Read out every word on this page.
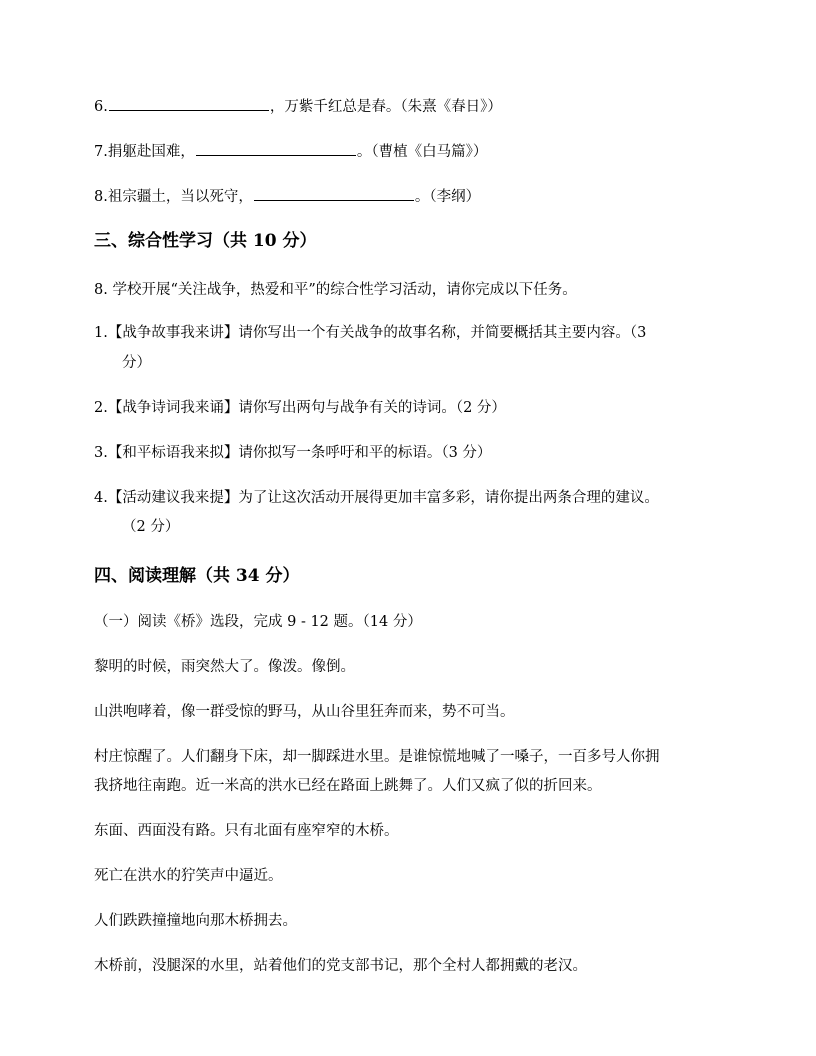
6.	，万紫千红总是春。（朱熹《春日》）

7.捐躯赴国难，	。（曹植《白马篇》）

8.祖宗疆土，当以死守，	。（李纲）

三、综合性学习（共 10 分）

8. 学校开展“关注战争，热爱和平”的综合性学习活动，请你完成以下任务。

1.【战争故事我来讲】请你写出一个有关战争的故事名称，并简要概括其主要内容。（3

分）

2.【战争诗词我来诵】请你写出两句与战争有关的诗词。（2 分）

3.【和平标语我来拟】请你拟写一条呼吁和平的标语。（3 分）

4.【活动建议我来提】为了让这次活动开展得更加丰富多彩，请你提出两条合理的建议。

（2 分）

四、阅读理解（共 34 分）

（一）阅读《桥》选段，完成 9 - 12 题。（14 分）

黎明的时候，雨突然大了。像泼。像倒。

山洪咆哮着，像一群受惊的野马，从山谷里狂奔而来，势不可当。

村庄惊醒了。人们翻身下床，却一脚踩进水里。是谁惊慌地喊了一嗓子，一百多号人你拥

我挤地往南跑。近一米高的洪水已经在路面上跳舞了。人们又疯了似的折回来。

东面、西面没有路。只有北面有座窄窄的木桥。

死亡在洪水的狞笑声中逼近。

人们跌跌撞撞地向那木桥拥去。

木桥前，没腿深的水里，站着他们的党支部书记，那个全村人都拥戴的老汉。
